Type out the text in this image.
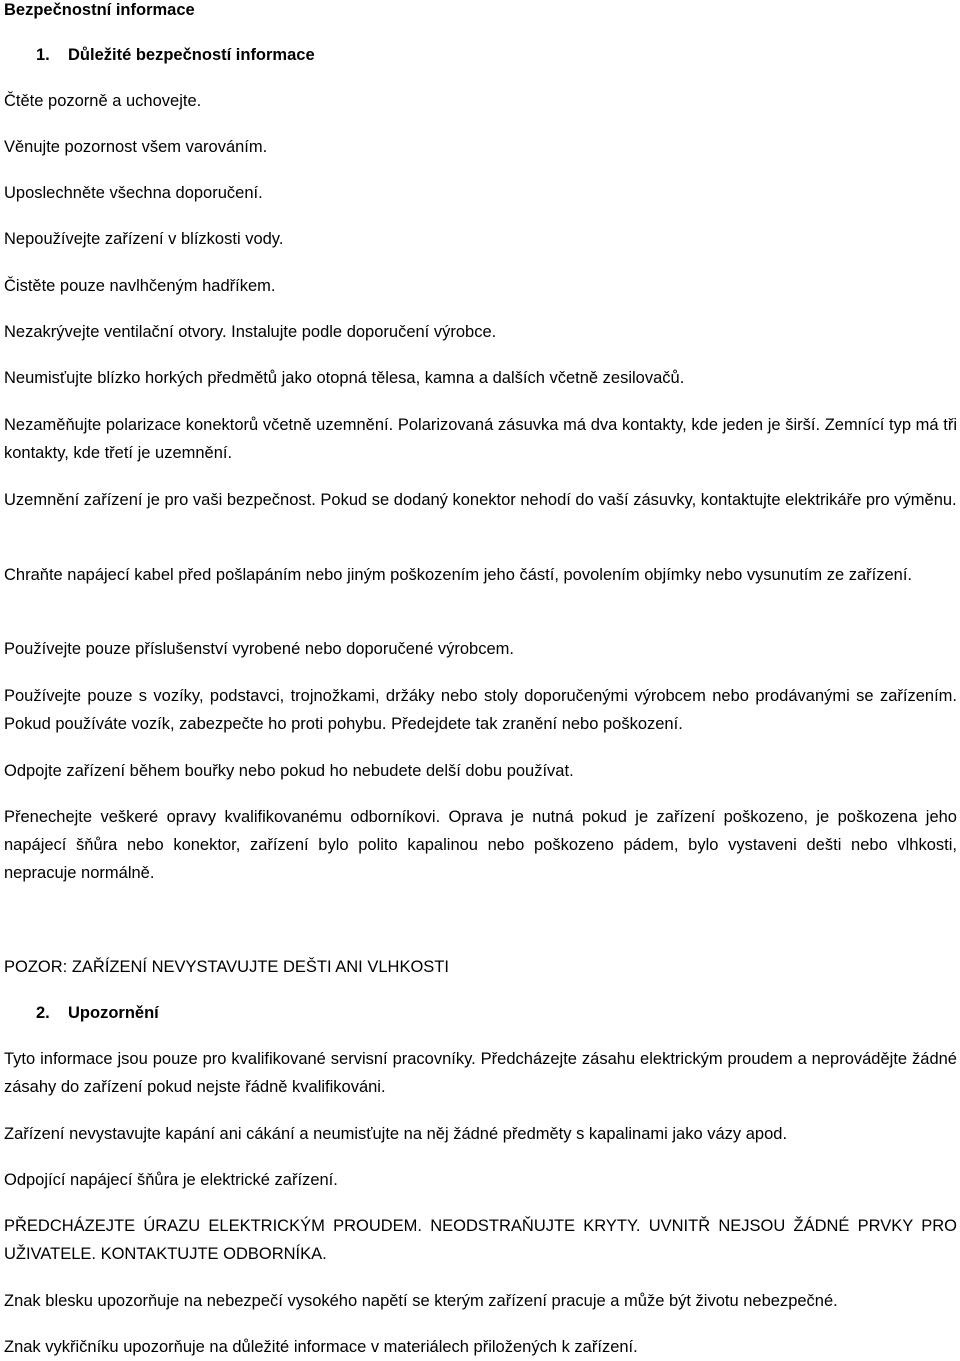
Bezpečnostní informace
1. Důležité bezpečností informace
Čtěte pozorně a uchovejte.
Věnujte pozornost všem varováním.
Uposlechněte všechna doporučení.
Nepoužívejte zařízení v blízkosti vody.
Čistěte pouze navlhčeným hadříkem.
Nezakrývejte ventilační otvory. Instalujte podle doporučení výrobce.
Neumisťujte blízko horkých předmětů jako otopná tělesa, kamna a dalších včetně zesilovačů.
Nezaměňujte polarizace konektorů včetně uzemnění. Polarizovaná zásuvka má dva kontakty, kde jeden je širší. Zemnící typ má tři kontakty, kde třetí je uzemnění.
Uzemnění zařízení je pro vaši bezpečnost. Pokud se dodaný konektor nehodí do vaší zásuvky, kontaktujte elektrikáře pro výměnu.
Chraňte napájecí kabel před pošlapáním nebo jiným poškozením jeho částí, povolením objímky nebo vysunutím ze zařízení.
Používejte pouze příslušenství vyrobené nebo doporučené výrobcem.
Používejte pouze s vozíky, podstavci, trojnožkami, držáky nebo stoly doporučenými výrobcem nebo prodávanými se zařízením. Pokud používáte vozík, zabezpečte ho proti pohybu. Předejdete tak zranění nebo poškození.
Odpojte zařízení během bouřky nebo pokud ho nebudete delší dobu používat.
Přenechejte veškeré opravy kvalifikovanému odborníkovi. Oprava je nutná pokud je zařízení poškozeno, je poškozena jeho napájecí šňůra nebo konektor, zařízení bylo polito kapalinou nebo poškozeno pádem, bylo vystaveni dešti nebo vlhkosti, nepracuje normálně.
POZOR: ZAŘÍZENÍ NEVYSTAVUJTE DEŠTI ANI VLHKOSTI
2. Upozornění
Tyto informace jsou pouze pro kvalifikované servisní pracovníky. Předcházejte zásahu elektrickým proudem a neprovádějte žádné zásahy do zařízení pokud nejste řádně kvalifikováni.
Zařízení nevystavujte kapání ani cákání a neumisťujte na něj žádné předměty s kapalinami jako vázy apod.
Odpojící napájecí šňůra je elektrické zařízení.
PŘEDCHÁZEJTE ÚRAZU ELEKTRICKÝM PROUDEM. NEODSTRAŇUJTE KRYTY. UVNITŘ NEJSOU ŽÁDNÉ PRVKY PRO UŽIVATELE. KONTAKTUJTE ODBORNÍKA.
Znak blesku upozorňuje na nebezpečí vysokého napětí se kterým zařízení pracuje a může být životu nebezpečné.
Znak vykřičníku upozorňuje na důležité informace v materiálech přiložených k zařízení.
